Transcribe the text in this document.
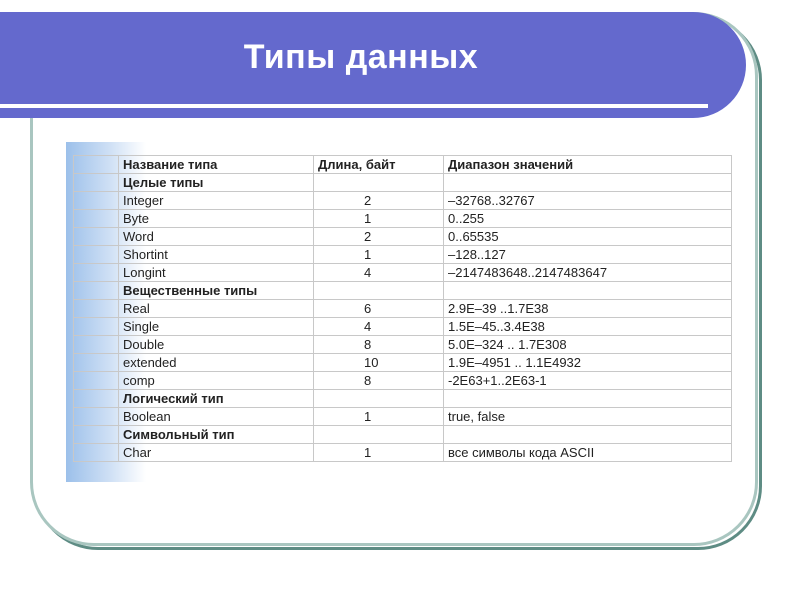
Типы данных
	Название типа	Длина, байт	Диапазон значений
	Целые типы		
	Integer	2	–32768..32767
	Byte	1	0..255
	Word	2	0..65535
	Shortint	1	–128..127
	Longint	4	–2147483648..2147483647
	Вещественные типы		
	Real	6	2.9E–39 ..1.7E38
	Single	4	1.5E–45..3.4E38
	Double	8	5.0E–324 .. 1.7E308
	extended	10	1.9E–4951 .. 1.1E4932
	comp	8	-2E63+1..2E63-1
	Логический тип		
	Boolean	1	true, false
	Символьный тип		
	Char	1	все символы кода ASCII
